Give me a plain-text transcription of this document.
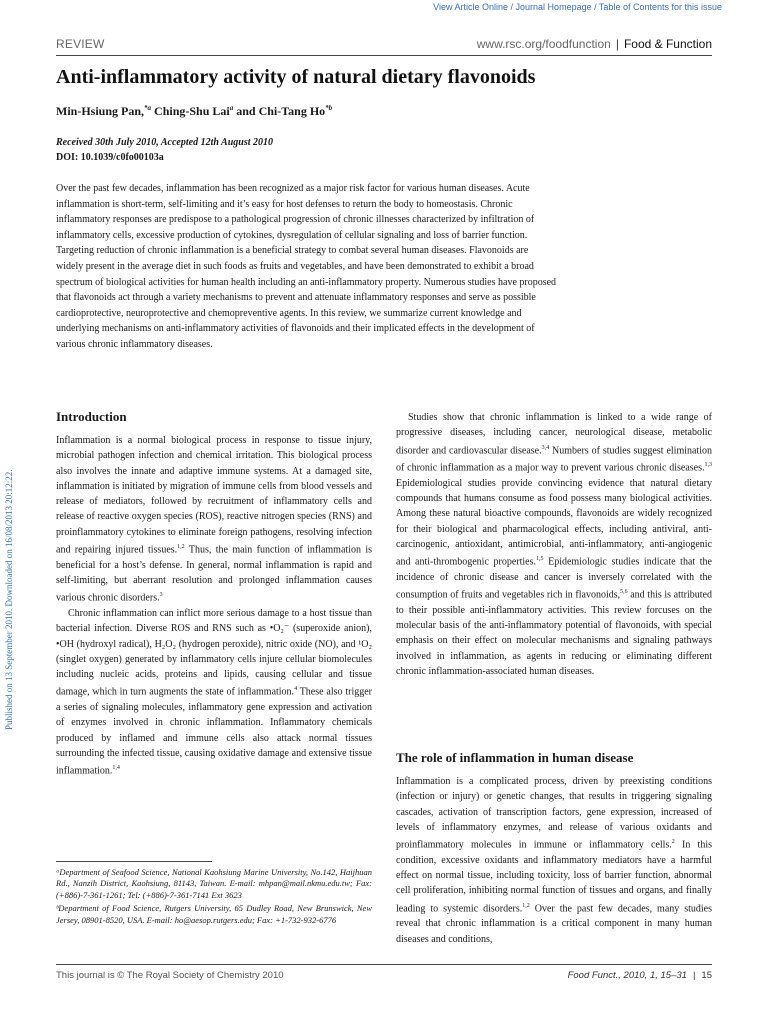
View Article Online / Journal Homepage / Table of Contents for this issue
REVIEW	www.rsc.org/foodfunction | Food & Function
Anti-inflammatory activity of natural dietary flavonoids
Min-Hsiung Pan,$^{*a}$ Ching-Shu Lai$^a$ and Chi-Tang Ho$^{*b}$
Received 30th July 2010, Accepted 12th August 2010
DOI: 10.1039/c0fo00103a
Over the past few decades, inflammation has been recognized as a major risk factor for various human diseases. Acute inflammation is short-term, self-limiting and it’s easy for host defenses to return the body to homeostasis. Chronic inflammatory responses are predispose to a pathological progression of chronic illnesses characterized by infiltration of inflammatory cells, excessive production of cytokines, dysregulation of cellular signaling and loss of barrier function. Targeting reduction of chronic inflammation is a beneficial strategy to combat several human diseases. Flavonoids are widely present in the average diet in such foods as fruits and vegetables, and have been demonstrated to exhibit a broad spectrum of biological activities for human health including an anti-inflammatory property. Numerous studies have proposed that flavonoids act through a variety mechanisms to prevent and attenuate inflammatory responses and serve as possible cardioprotective, neuroprotective and chemopreventive agents. In this review, we summarize current knowledge and underlying mechanisms on anti-inflammatory activities of flavonoids and their implicated effects in the development of various chronic inflammatory diseases.
Published on 13 September 2010. Downloaded on 16/08/2013 20:12:22.
Introduction

Inflammation is a normal biological process in response to tissue injury, microbial pathogen infection and chemical irritation. This biological process also involves the innate and adaptive immune systems. At a damaged site, inflammation is initiated by migration of immune cells from blood vessels and release of mediators, followed by recruitment of inflammatory cells and release of reactive oxygen species (ROS), reactive nitrogen species (RNS) and proinflammatory cytokines to eliminate foreign pathogens, resolving infection and repairing injured tissues.$^{1,2}$ Thus, the main function of inflammation is beneficial for a host’s defense. In general, normal inflammation is rapid and self-limiting, but aberrant resolution and prolonged inflammation causes various chronic disorders.$^3$

Chronic inflammation can inflict more serious damage to a host tissue than bacterial infection. Diverse ROS and RNS such as •O₂⁻ (superoxide anion), •OH (hydroxyl radical), H₂O₂ (hydrogen peroxide), nitric oxide (NO), and ¹O₂ (singlet oxygen) generated by inflammatory cells injure cellular biomolecules including nucleic acids, proteins and lipids, causing cellular and tissue damage, which in turn augments the state of inflammation.$^4$ These also trigger a series of signaling molecules, inflammatory gene expression and activation of enzymes involved in chronic inflammation. Inflammatory chemicals produced by inflamed and immune cells also attack normal tissues surrounding the infected tissue, causing oxidative damage and extensive tissue inflammation.$^{1,4}$

ᵃDepartment of Seafood Science, National Kaohsiung Marine University, No.142, Haijhuan Rd., Nanzih District, Kaohsiung, 81143, Taiwan. E-mail: mhpan@mail.nkmu.edu.tw; Fax: (+886)-7-361-1261; Tel: (+886)-7-361-7141 Ext 3623

ᵇDepartment of Food Science, Rutgers University, 65 Dudley Road, New Brunswick, New Jersey, 08901-8520, USA. E-mail: ho@aesop.rutgers.edu; Fax: +1-732-932-6776

Studies show that chronic inflammation is linked to a wide range of progressive diseases, including cancer, neurological disease, metabolic disorder and cardiovascular disease.$^{3,4}$ Numbers of studies suggest elimination of chronic inflammation as a major way to prevent various chronic diseases.$^{1,3}$ Epidemiological studies provide convincing evidence that natural dietary compounds that humans consume as food possess many biological activities. Among these natural bioactive compounds, flavonoids are widely recognized for their biological and pharmacological effects, including antiviral, anti-carcinogenic, antioxidant, antimicrobial, anti-inflammatory, anti-angiogenic and anti-thrombogenic properties.$^{1,5}$ Epidemiologic studies indicate that the incidence of chronic disease and cancer is inversely correlated with the consumption of fruits and vegetables rich in flavonoids,$^{5,6}$ and this is attributed to their possible anti-inflammatory activities. This review forcuses on the molecular basis of the anti-inflammatory potential of flavonoids, with special emphasis on their effect on molecular mechanisms and signaling pathways involved in inflammation, as agents in reducing or eliminating different chronic inflammation-associated human diseases.

The role of inflammation in human disease

Inflammation is a complicated process, driven by preexisting conditions (infection or injury) or genetic changes, that results in triggering signaling cascades, activation of transcription factors, gene expression, increased of levels of inflammatory enzymes, and release of various oxidants and proinflammatory molecules in immune or inflammatory cells.$^2$ In this condition, excessive oxidants and inflammatory mediators have a harmful effect on normal tissue, including toxicity, loss of barrier function, abnormal cell proliferation, inhibiting normal function of tissues and organs, and finally leading to systemic disorders.$^{1,2}$ Over the past few decades, many studies reveal that chronic inflammation is a critical component in many human diseases and conditions,

This journal is © The Royal Society of Chemistry 2010	Food Funct., 2010, 1, 15–31 | 15
